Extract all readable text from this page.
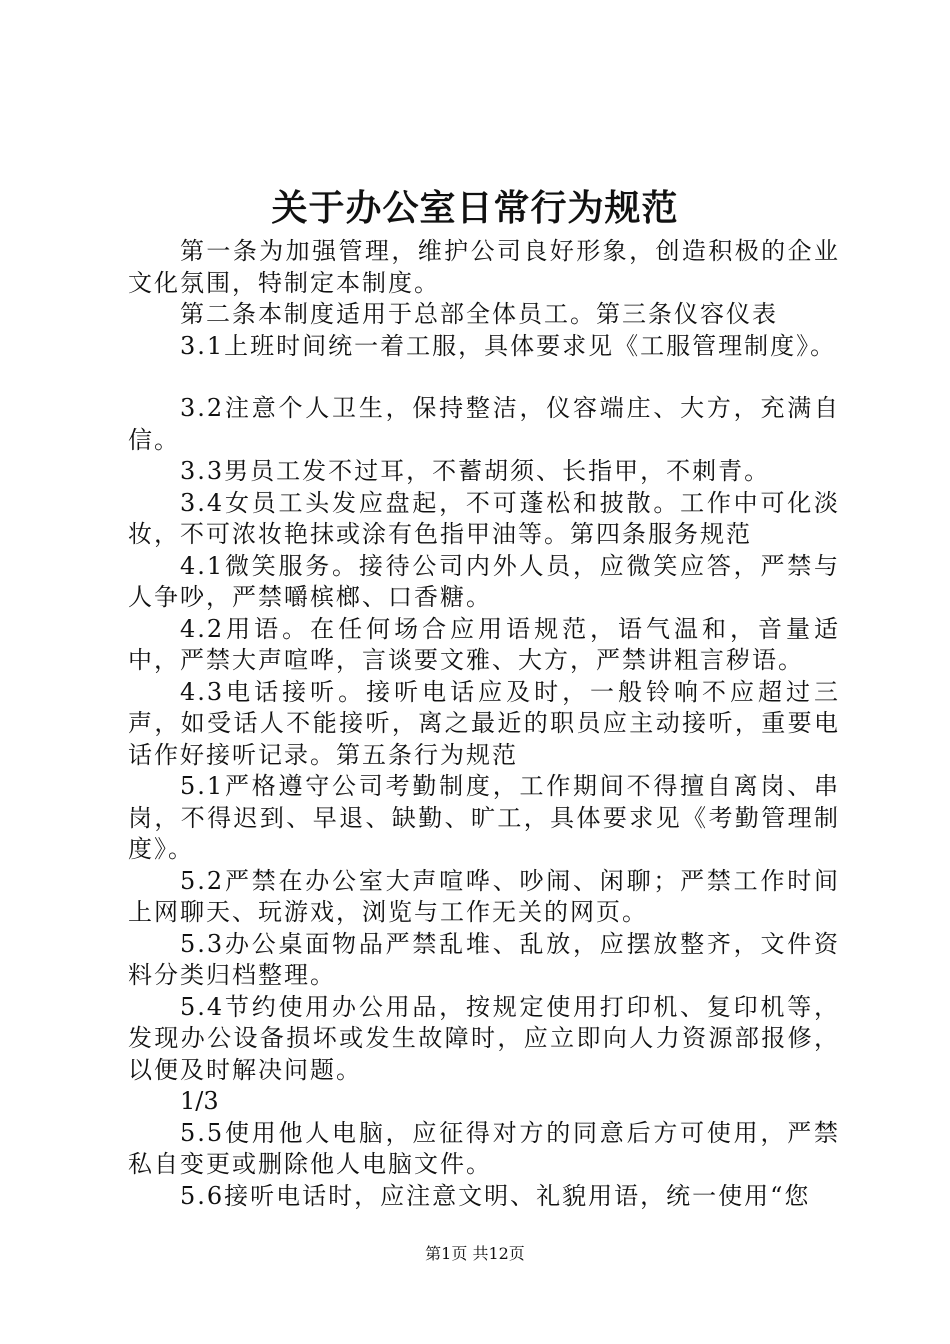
关于办公室日常行为规范

第一条为加强管理，维护公司良好形象，创造积极的企业文化氛围，特制定本制度。

第二条本制度适用于总部全体员工。第三条仪容仪表

3.1上班时间统一着工服，具体要求见《工服管理制度》。

3.2注意个人卫生，保持整洁，仪容端庄、大方，充满自信。

3.3男员工发不过耳，不蓄胡须、长指甲，不刺青。

3.4女员工头发应盘起，不可蓬松和披散。工作中可化淡妆，不可浓妆艳抹或涂有色指甲油等。第四条服务规范

4.1微笑服务。接待公司内外人员，应微笑应答，严禁与人争吵，严禁嚼槟榔、口香糖。

4.2用语。在任何场合应用语规范，语气温和，音量适中，严禁大声喧哗，言谈要文雅、大方，严禁讲粗言秽语。

4.3电话接听。接听电话应及时，一般铃响不应超过三声，如受话人不能接听，离之最近的职员应主动接听，重要电话作好接听记录。第五条行为规范

5.1严格遵守公司考勤制度，工作期间不得擅自离岗、串岗，不得迟到、早退、缺勤、旷工，具体要求见《考勤管理制度》。

5.2严禁在办公室大声喧哗、吵闹、闲聊；严禁工作时间上网聊天、玩游戏，浏览与工作无关的网页。

5.3办公桌面物品严禁乱堆、乱放，应摆放整齐，文件资料分类归档整理。

5.4节约使用办公用品，按规定使用打印机、复印机等，发现办公设备损坏或发生故障时，应立即向人力资源部报修，以便及时解决问题。

1/3

5.5使用他人电脑，应征得对方的同意后方可使用，严禁私自变更或删除他人电脑文件。

5.6接听电话时，应注意文明、礼貌用语，统一使用“您

第1页 共12页
